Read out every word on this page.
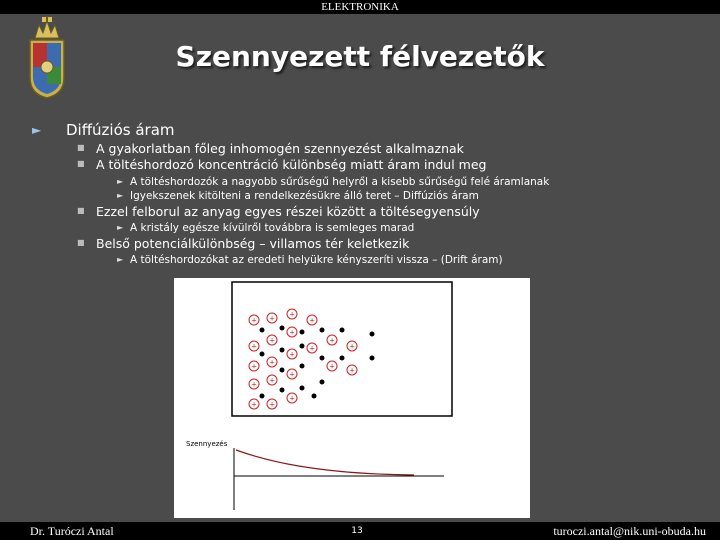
ELEKTRONIKA
Szennyezett félvezetők
► Diffúziós áram
■ A gyakorlatban főleg inhomogén szennyezést alkalmaznak
■ A töltéshordozó koncentráció különbség miatt áram indul meg
► A töltéshordozók a nagyobb sűrűségű helyről a kisebb sűrűségű felé áramlanak
► Igyekszenek kitölteni a rendelkezésükre álló teret – Diffúziós áram
■ Ezzel felborul az anyag egyes részei között a töltésegyensúly
► A kristály egésze kívülről továbbra is semleges marad
■ Belső potenciálkülönbség – villamos tér keletkezik
► A töltéshordozókat az eredeti helyükre kényszeríti vissza – (Drift áram)
+ + +
+
+
+
+ +
+
+ +
+
+ +
+
+
+
+
+ +
+
Szennyezés
Dr. Turóczi Antal	13	turoczi.antal@nik.uni-obuda.hu
